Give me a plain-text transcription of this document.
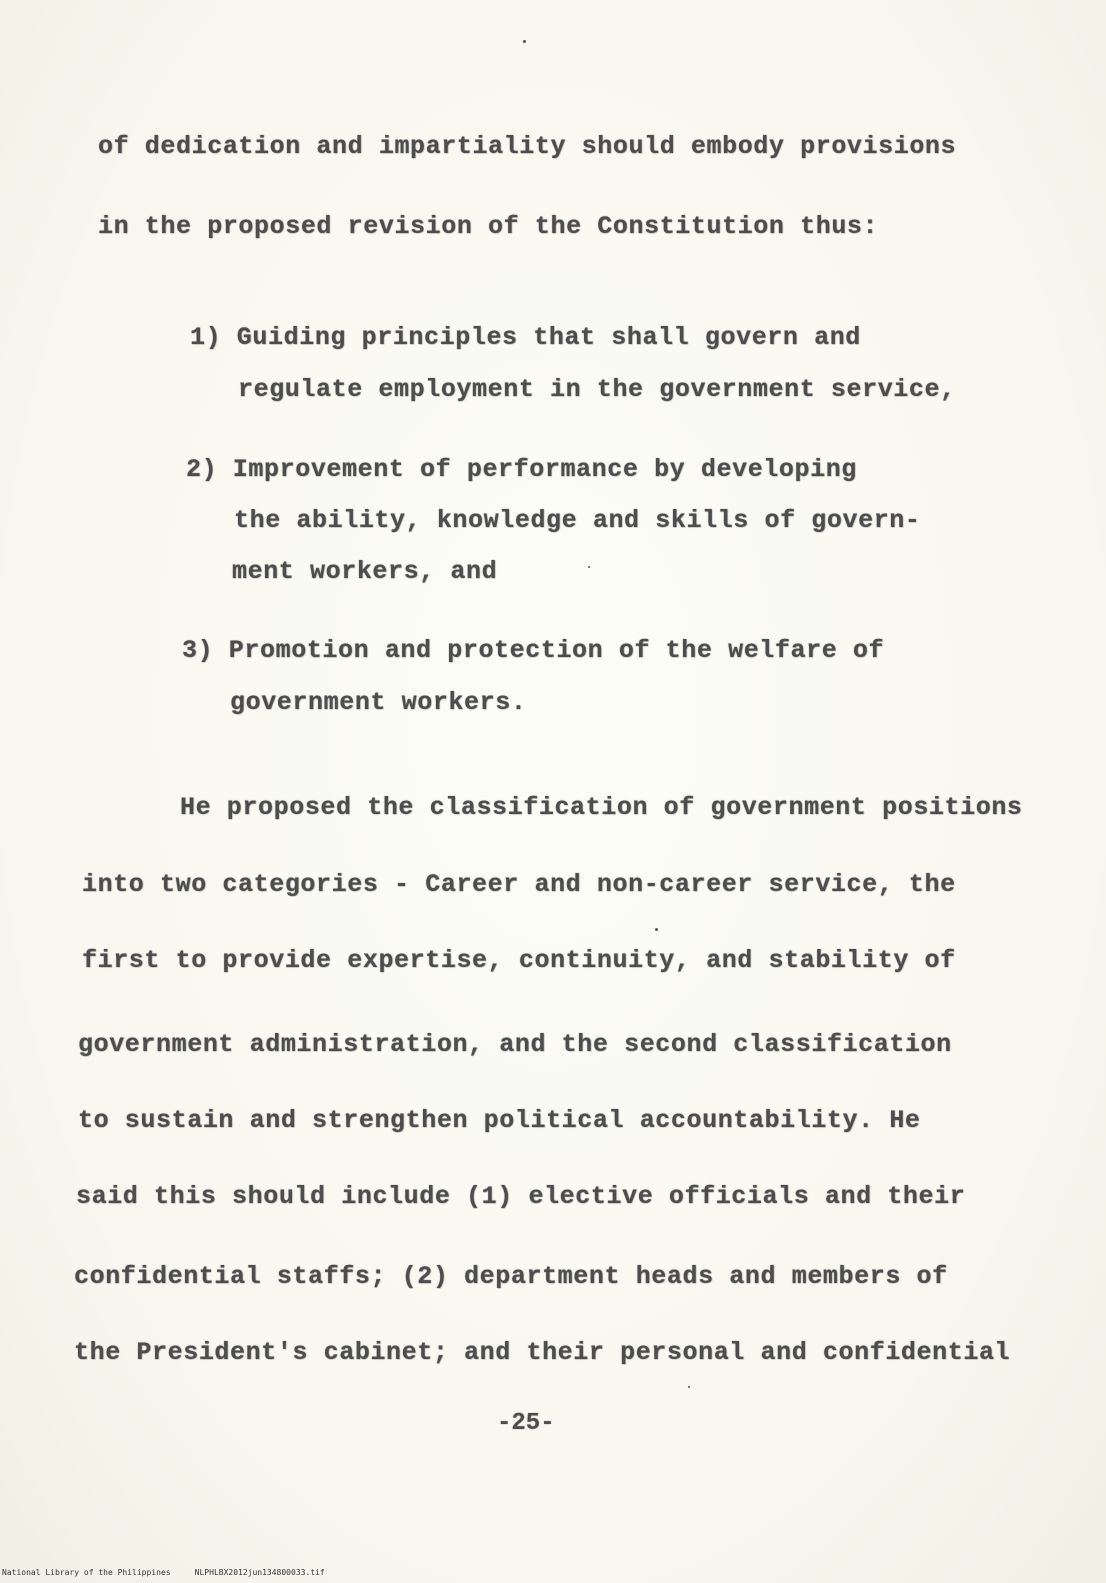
of dedication and impartiality should embody provisions
in the proposed revision of the Constitution thus:
1) Guiding principles that shall govern and
regulate employment in the government service,
2) Improvement of performance by developing
the ability, knowledge and skills of govern-
ment workers, and
3) Promotion and protection of the welfare of
government workers.
He proposed the classification of government positions
into two categories - Career and non-career service, the
first to provide expertise, continuity, and stability of
government administration, and the second classification
to sustain and strengthen political accountability. He
said this should include (1) elective officials and their
confidential staffs; (2) department heads and members of
the President's cabinet; and their personal and confidential
-25-
National Library of the Philippines	NLPHLBX2012jun134800033.tif
